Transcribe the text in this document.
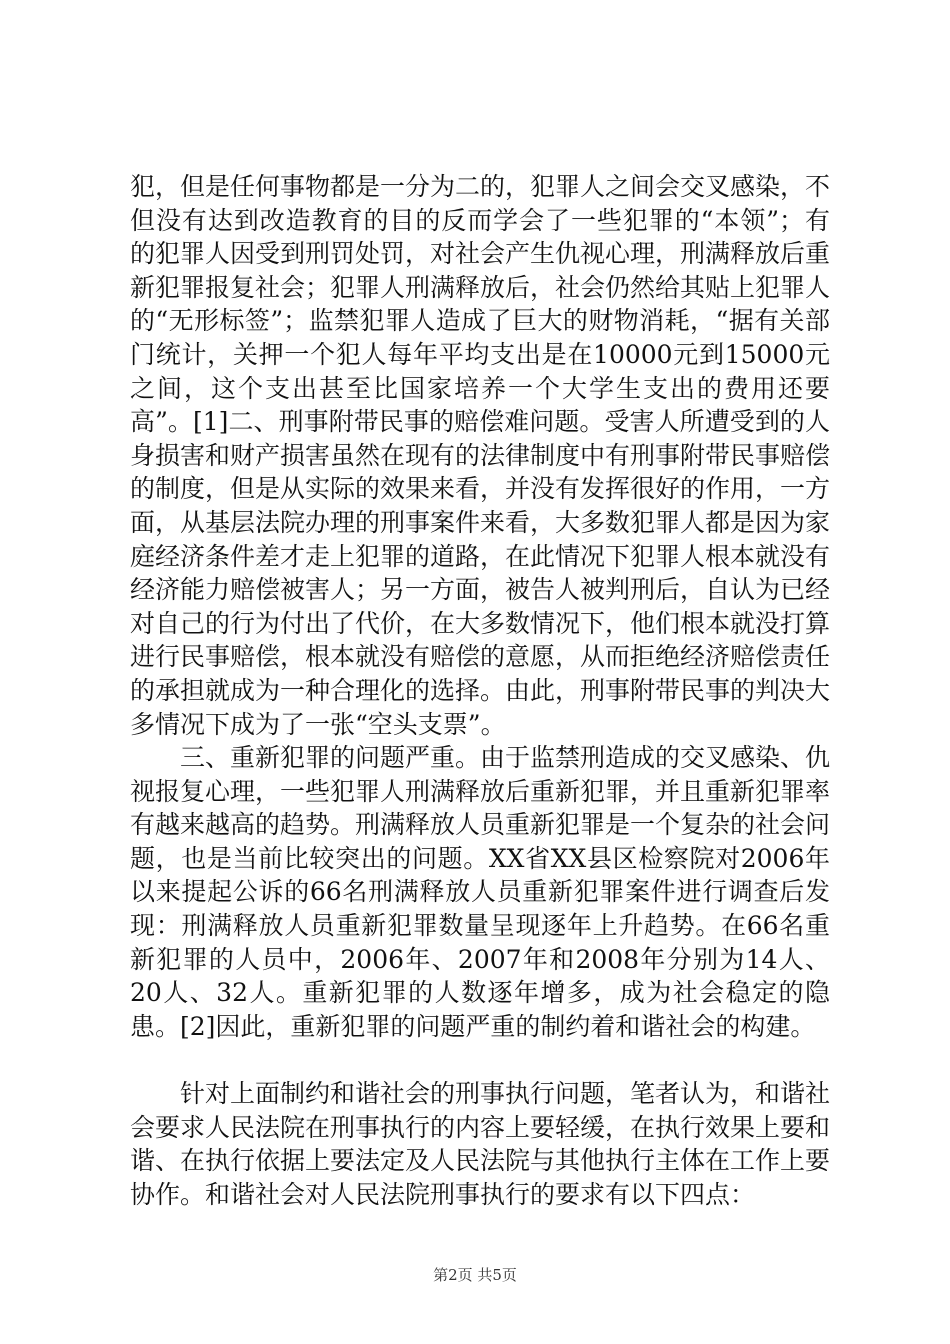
犯，但是任何事物都是一分为二的，犯罪人之间会交叉感染，不但没有达到改造教育的目的反而学会了一些犯罪的“本领”；有的犯罪人因受到刑罚处罚，对社会产生仇视心理，刑满释放后重新犯罪报复社会；犯罪人刑满释放后，社会仍然给其贴上犯罪人的“无形标签”；监禁犯罪人造成了巨大的财物消耗，“据有关部门统计，关押一个犯人每年平均支出是在10000元到15000元之间，这个支出甚至比国家培养一个大学生支出的费用还要高”。[1]二、刑事附带民事的赔偿难问题。受害人所遭受到的人身损害和财产损害虽然在现有的法律制度中有刑事附带民事赔偿的制度，但是从实际的效果来看，并没有发挥很好的作用，一方面，从基层法院办理的刑事案件来看，大多数犯罪人都是因为家庭经济条件差才走上犯罪的道路，在此情况下犯罪人根本就没有经济能力赔偿被害人；另一方面，被告人被判刑后，自认为已经对自己的行为付出了代价，在大多数情况下，他们根本就没打算进行民事赔偿，根本就没有赔偿的意愿，从而拒绝经济赔偿责任的承担就成为一种合理化的选择。由此，刑事附带民事的判决大多情况下成为了一张“空头支票”。

三、重新犯罪的问题严重。由于监禁刑造成的交叉感染、仇视报复心理，一些犯罪人刑满释放后重新犯罪，并且重新犯罪率有越来越高的趋势。刑满释放人员重新犯罪是一个复杂的社会问题，也是当前比较突出的问题。XX省XX县区检察院对2006年以来提起公诉的66名刑满释放人员重新犯罪案件进行调查后发现：刑满释放人员重新犯罪数量呈现逐年上升趋势。在66名重新犯罪的人员中，2006年、2007年和2008年分别为14人、20人、32人。重新犯罪的人数逐年增多，成为社会稳定的隐患。[2]因此，重新犯罪的问题严重的制约着和谐社会的构建。

针对上面制约和谐社会的刑事执行问题，笔者认为，和谐社会要求人民法院在刑事执行的内容上要轻缓，在执行效果上要和谐、在执行依据上要法定及人民法院与其他执行主体在工作上要协作。和谐社会对人民法院刑事执行的要求有以下四点：

第2页 共5页
